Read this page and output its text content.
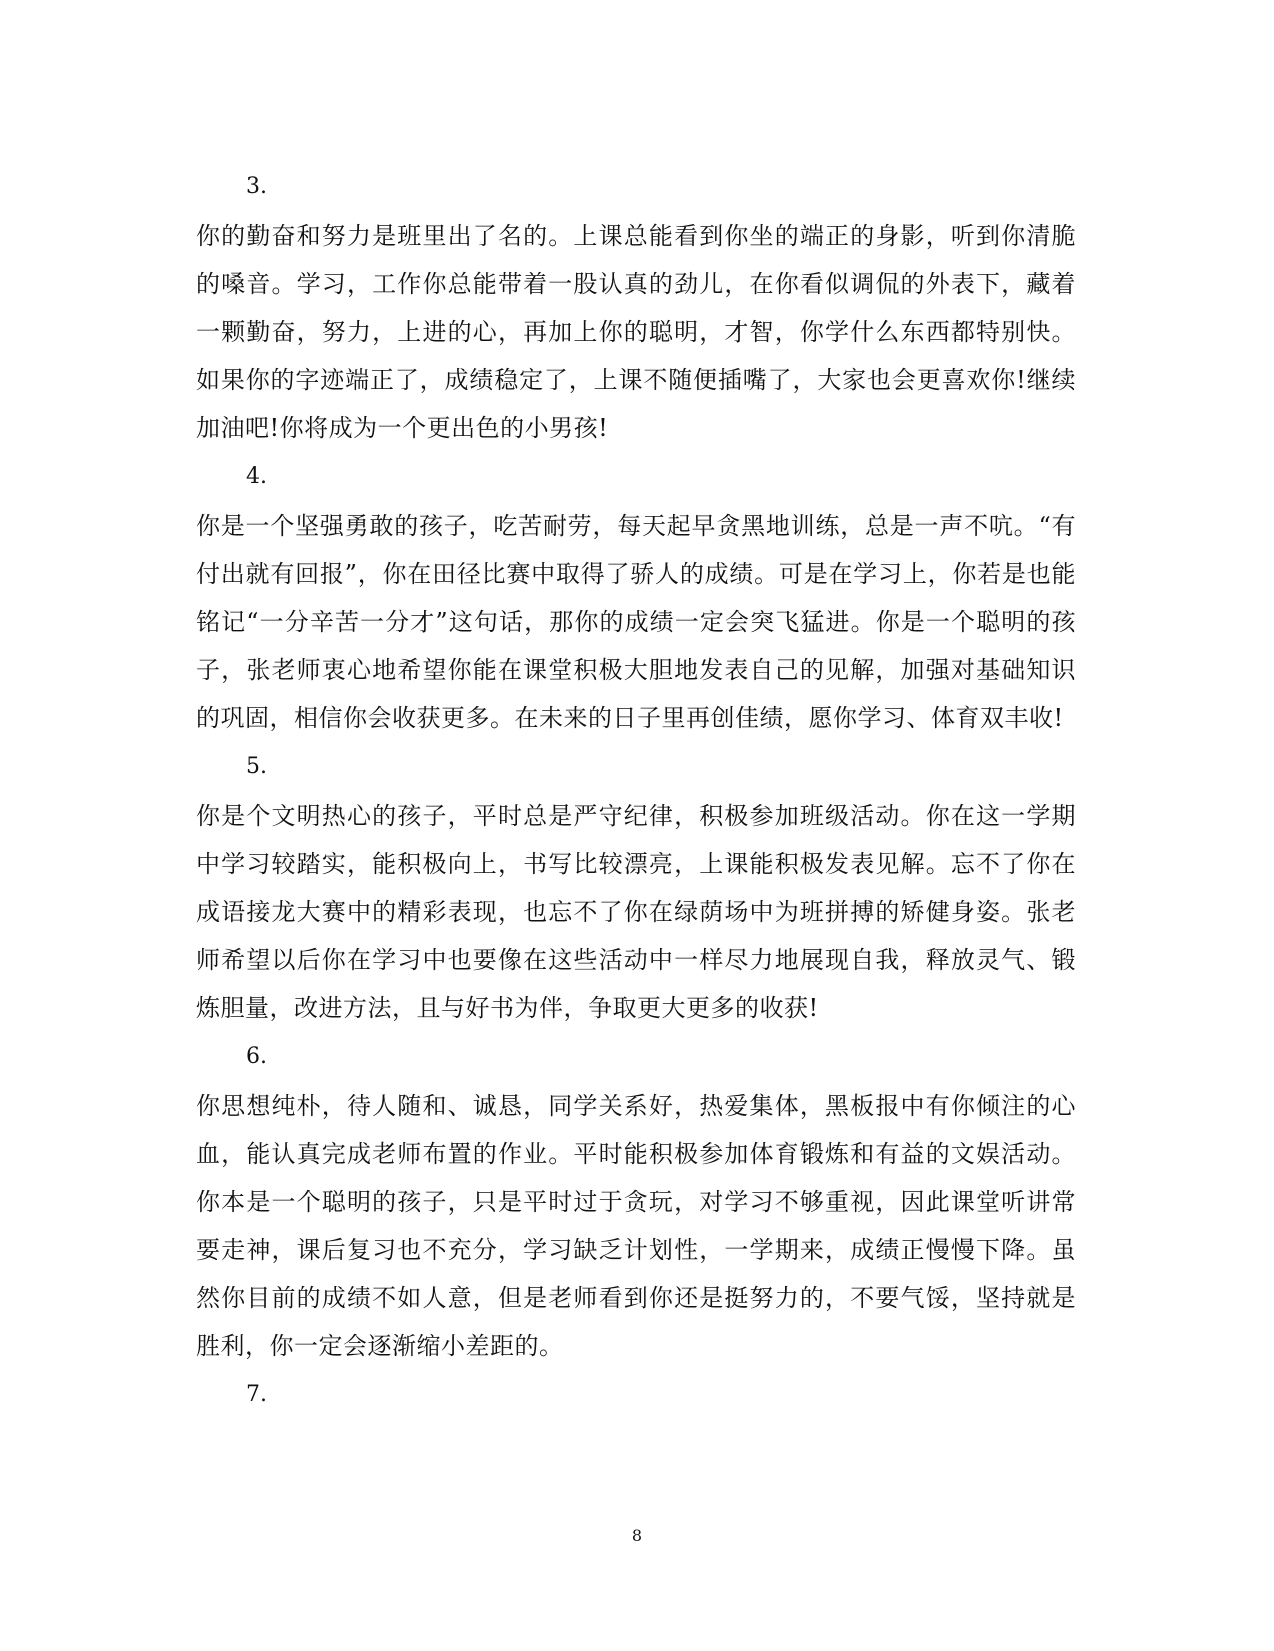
3.

你的勤奋和努力是班里出了名的。上课总能看到你坐的端正的身影，听到你清脆的嗓音。学习，工作你总能带着一股认真的劲儿，在你看似调侃的外表下，藏着一颗勤奋，努力，上进的心，再加上你的聪明，才智，你学什么东西都特别快。如果你的字迹端正了，成绩稳定了，上课不随便插嘴了，大家也会更喜欢你!继续加油吧!你将成为一个更出色的小男孩!

4.

你是一个坚强勇敢的孩子，吃苦耐劳，每天起早贪黑地训练，总是一声不吭。“有付出就有回报”，你在田径比赛中取得了骄人的成绩。可是在学习上，你若是也能铭记“一分辛苦一分才”这句话，那你的成绩一定会突飞猛进。你是一个聪明的孩子，张老师衷心地希望你能在课堂积极大胆地发表自己的见解，加强对基础知识的巩固，相信你会收获更多。在未来的日子里再创佳绩，愿你学习、体育双丰收!

5.

你是个文明热心的孩子，平时总是严守纪律，积极参加班级活动。你在这一学期中学习较踏实，能积极向上，书写比较漂亮，上课能积极发表见解。忘不了你在成语接龙大赛中的精彩表现，也忘不了你在绿荫场中为班拼搏的矫健身姿。张老师希望以后你在学习中也要像在这些活动中一样尽力地展现自我，释放灵气、锻炼胆量，改进方法，且与好书为伴，争取更大更多的收获!

6.

你思想纯朴，待人随和、诚恳，同学关系好，热爱集体，黑板报中有你倾注的心血，能认真完成老师布置的作业。平时能积极参加体育锻炼和有益的文娱活动。你本是一个聪明的孩子，只是平时过于贪玩，对学习不够重视，因此课堂听讲常要走神，课后复习也不充分，学习缺乏计划性，一学期来，成绩正慢慢下降。虽然你目前的成绩不如人意，但是老师看到你还是挺努力的，不要气馁，坚持就是胜利，你一定会逐渐缩小差距的。

7.

8
